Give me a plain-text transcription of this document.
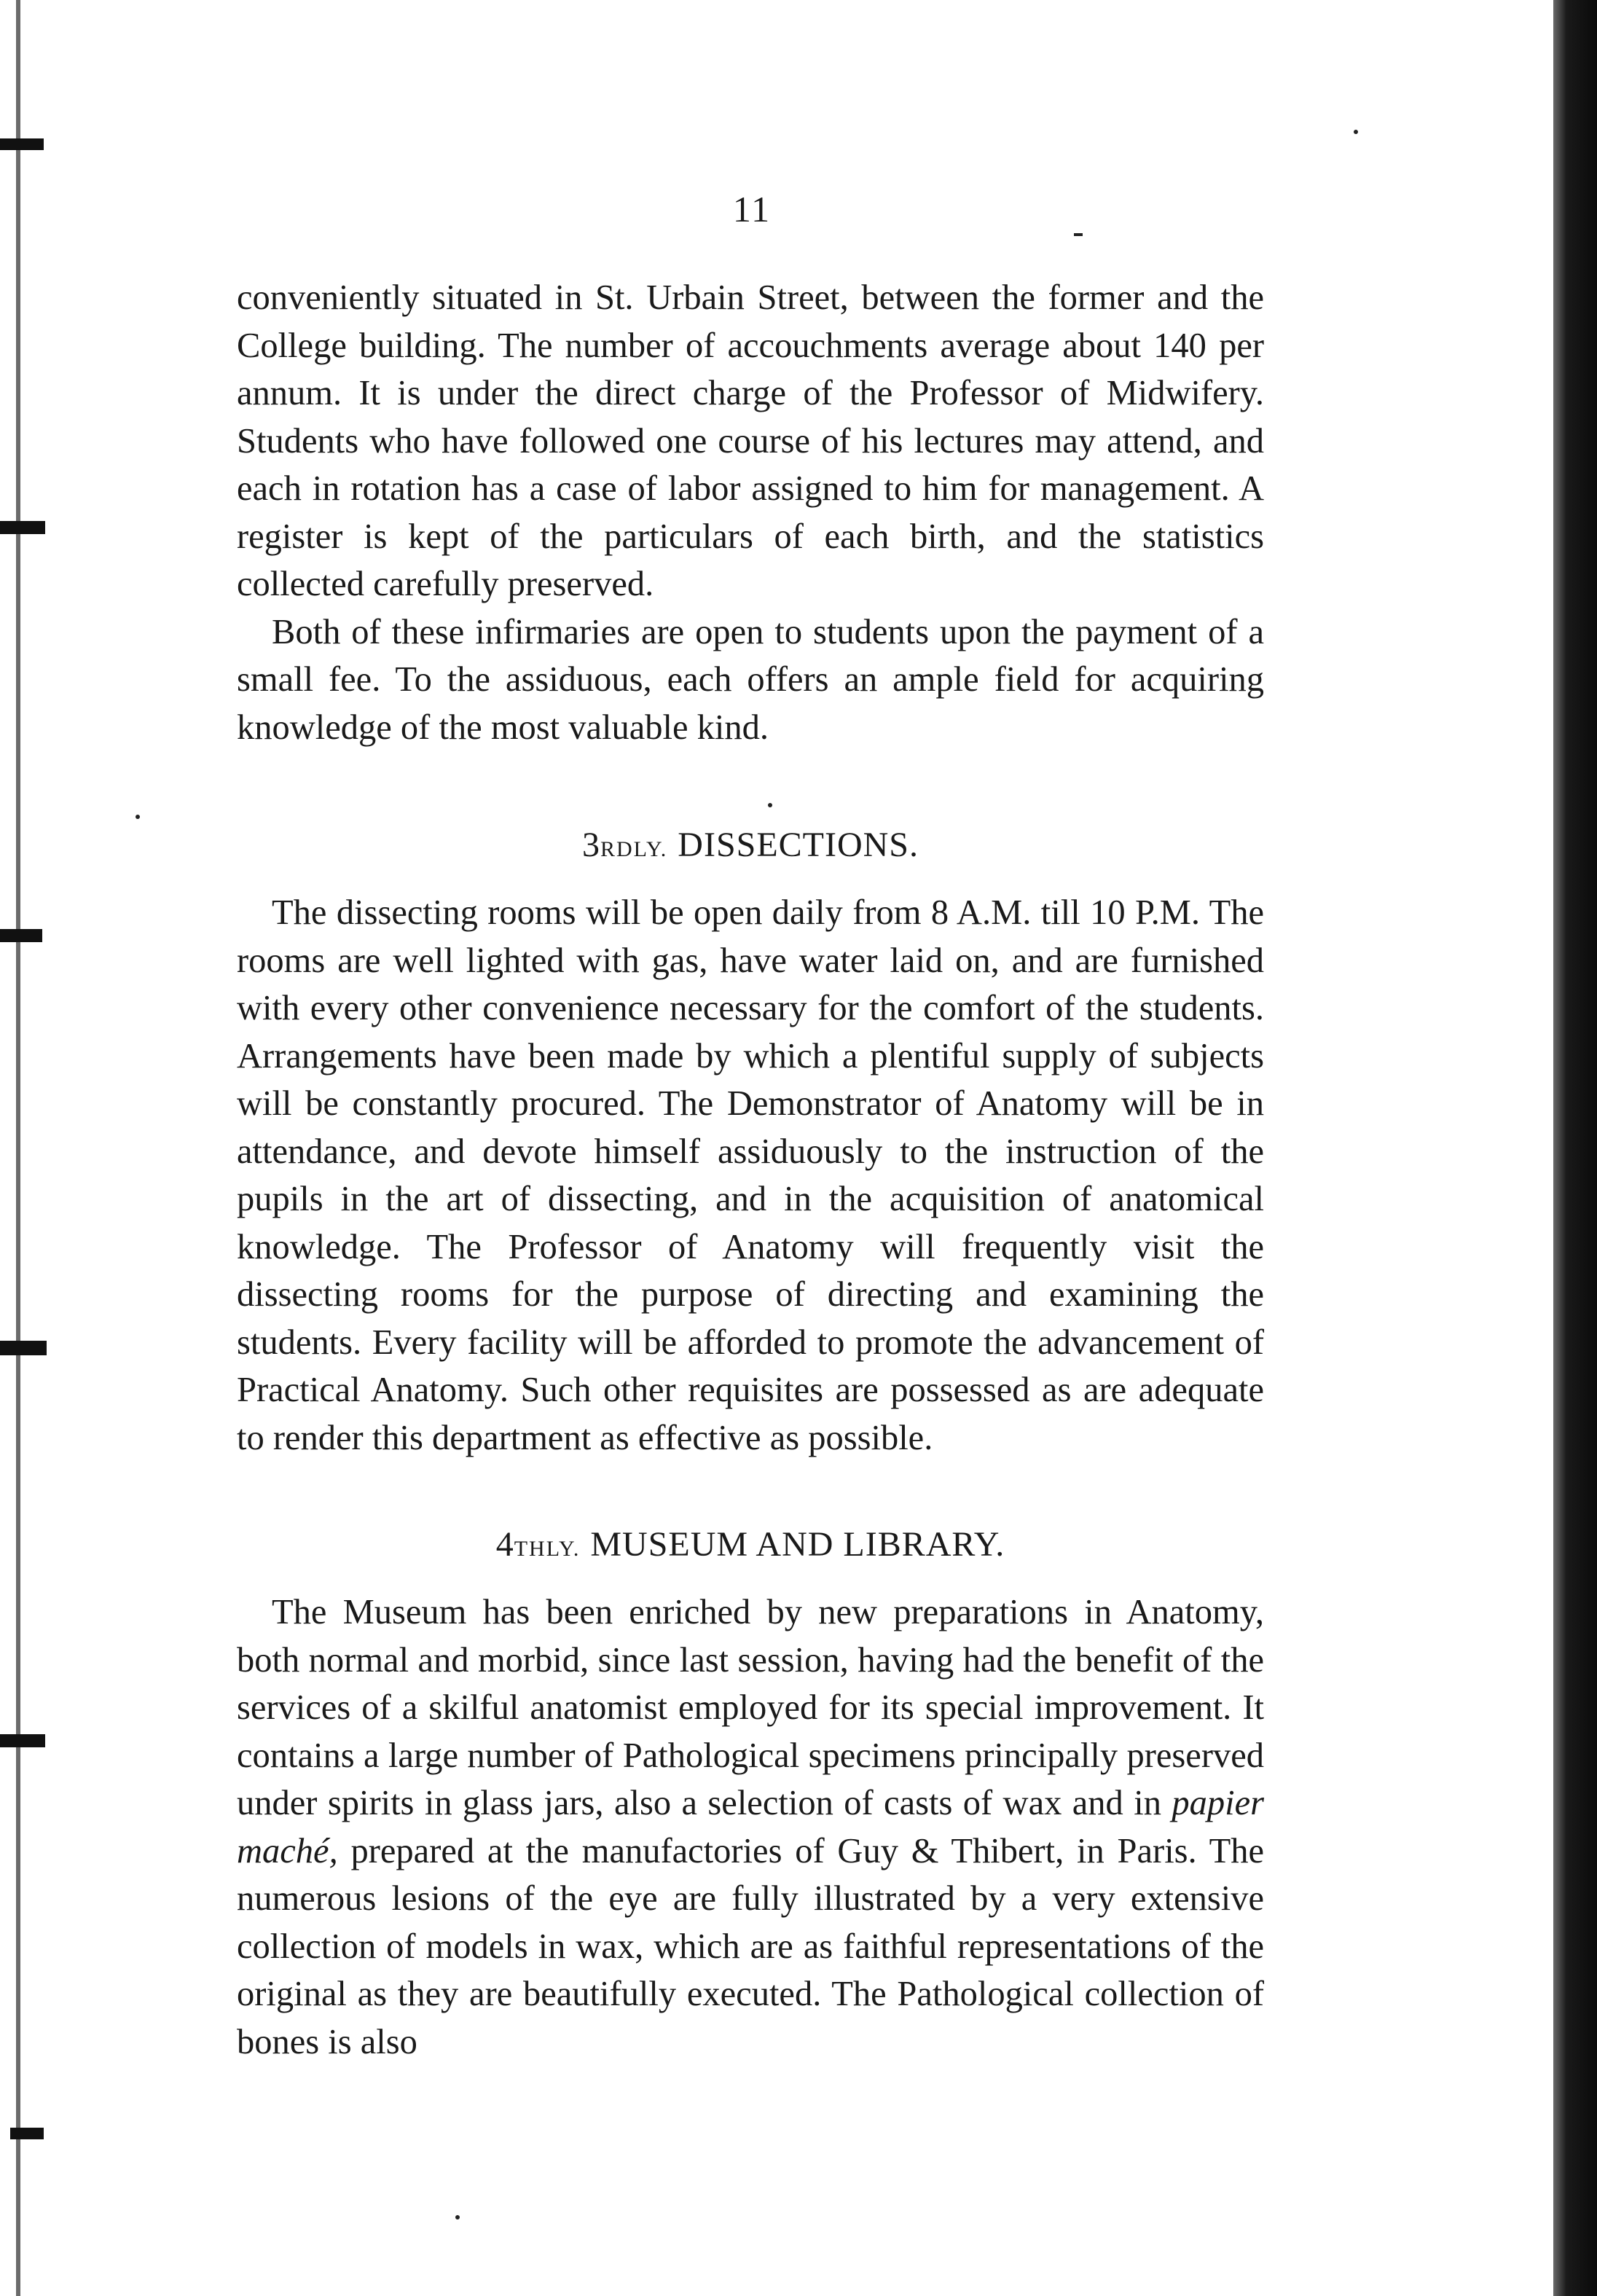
11

conveniently situated in St. Urbain Street, between the former and the College building. The number of accouchments average about 140 per annum. It is under the direct charge of the Professor of Midwifery. Students who have followed one course of his lectures may attend, and each in rotation has a case of labor assigned to him for management. A register is kept of the particulars of each birth, and the statistics collected carefully preserved.

Both of these infirmaries are open to students upon the payment of a small fee. To the assiduous, each offers an ample field for acquiring knowledge of the most valuable kind.

3RDLY. DISSECTIONS.

The dissecting rooms will be open daily from 8 A.M. till 10 P.M. The rooms are well lighted with gas, have water laid on, and are furnished with every other convenience necessary for the comfort of the students. Arrangements have been made by which a plentiful supply of subjects will be constantly procured. The Demonstrator of Anatomy will be in attendance, and devote himself assiduously to the instruction of the pupils in the art of dissecting, and in the acquisition of anatomical knowledge. The Professor of Anatomy will frequently visit the dissecting rooms for the purpose of directing and examining the students. Every facility will be afforded to promote the advancement of Practical Anatomy. Such other requisites are possessed as are adequate to render this department as effective as possible.

4THLY. MUSEUM AND LIBRARY.

The Museum has been enriched by new preparations in Anatomy, both normal and morbid, since last session, having had the benefit of the services of a skilful anatomist employed for its special improvement. It contains a large number of Pathological specimens principally preserved under spirits in glass jars, also a selection of casts of wax and in papier maché, prepared at the manufactories of Guy & Thibert, in Paris. The numerous lesions of the eye are fully illustrated by a very extensive collection of models in wax, which are as faithful representations of the original as they are beautifully executed. The Pathological collection of bones is also
